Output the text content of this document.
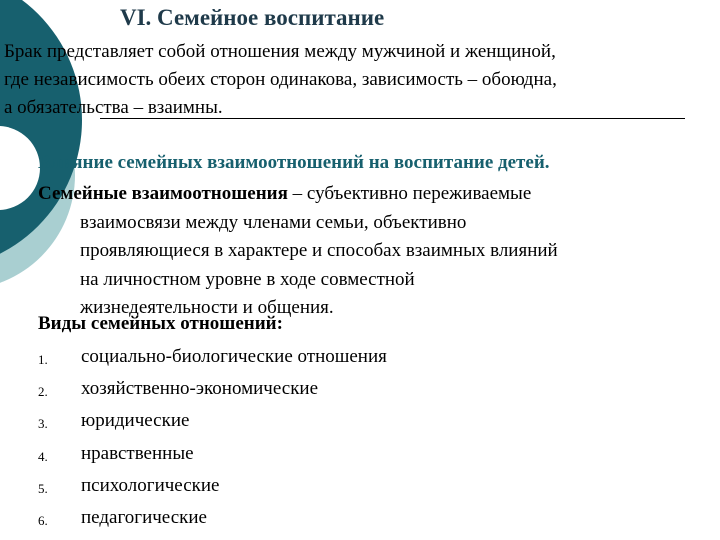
VI. Семейное воспитание
Брак представляет собой отношения между мужчиной и женщиной,
где независимость обеих сторон одинакова, зависимость – обоюдна,
а обязательства – взаимны.

Влияние семейных взаимоотношений на воспитание детей.

Семейные взаимоотношения – субъективно переживаемые
взаимосвязи между членами семьи, объективно
проявляющиеся в характере и способах взаимных влияний
на личностном уровне в ходе совместной
жизнедеятельности и общения.

Виды семейных отношений:

1.	социально-биологические отношения
2.	хозяйственно-экономические
3.	юридические
4.	нравственные
5.	психологические
6.	педагогические
